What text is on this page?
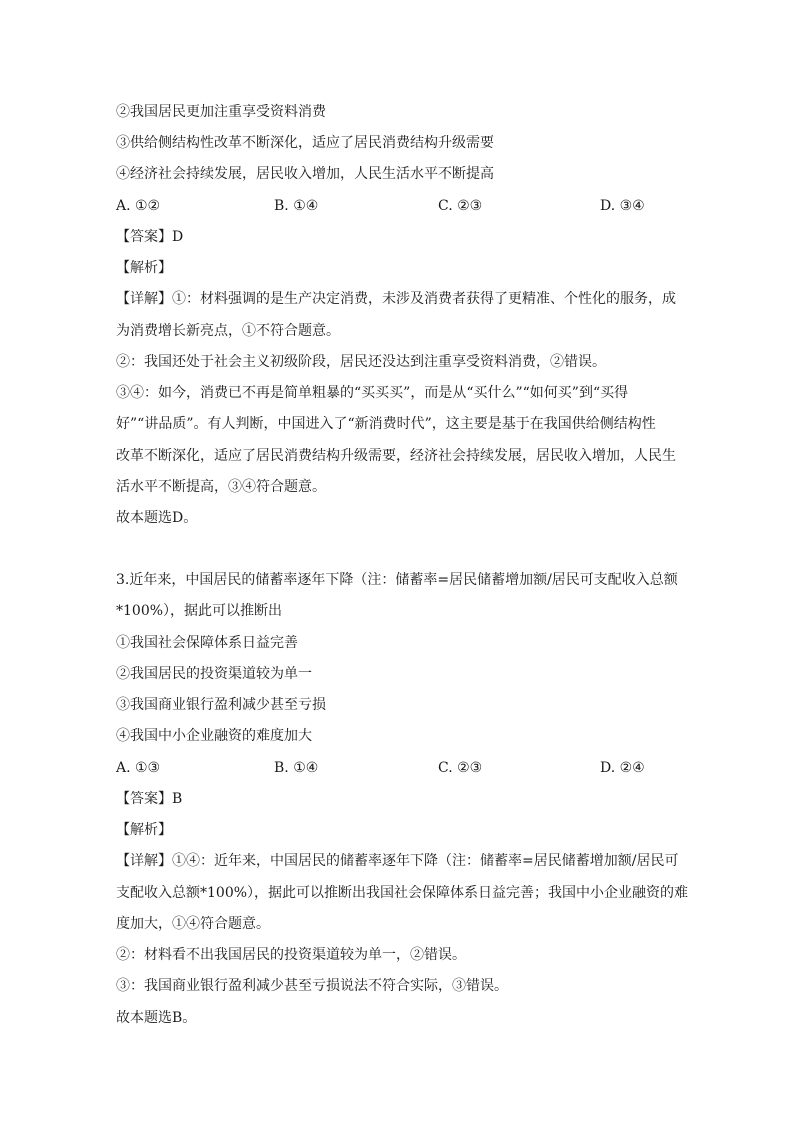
②我国居民更加注重享受资料消费
③供给侧结构性改革不断深化，适应了居民消费结构升级需要
④经济社会持续发展，居民收入增加，人民生活水平不断提高
A. ①②	B. ①④	C. ②③	D. ③④
【答案】D
【解析】
【详解】①：材料强调的是生产决定消费，未涉及消费者获得了更精准、个性化的服务，成
为消费增长新亮点，①不符合题意。
②：我国还处于社会主义初级阶段，居民还没达到注重享受资料消费，②错误。
③④：如今，消费已不再是简单粗暴的“买买买”，而是从“买什么”“如何买”到“买得
好”“讲品质”。有人判断，中国进入了“新消费时代”，这主要是基于在我国供给侧结构性
改革不断深化，适应了居民消费结构升级需要，经济社会持续发展，居民收入增加，人民生
活水平不断提高，③④符合题意。
故本题选D。
3.近年来，中国居民的储蓄率逐年下降（注：储蓄率=居民储蓄增加额/居民可支配收入总额
*100%），据此可以推断出
①我国社会保障体系日益完善
②我国居民的投资渠道较为单一
③我国商业银行盈利减少甚至亏损
④我国中小企业融资的难度加大
A. ①③	B. ①④	C. ②③	D. ②④
【答案】B
【解析】
【详解】①④：近年来，中国居民的储蓄率逐年下降（注：储蓄率=居民储蓄增加额/居民可
支配收入总额*100%），据此可以推断出我国社会保障体系日益完善；我国中小企业融资的难
度加大，①④符合题意。
②：材料看不出我国居民的投资渠道较为单一，②错误。
③：我国商业银行盈利减少甚至亏损说法不符合实际，③错误。
故本题选B。
